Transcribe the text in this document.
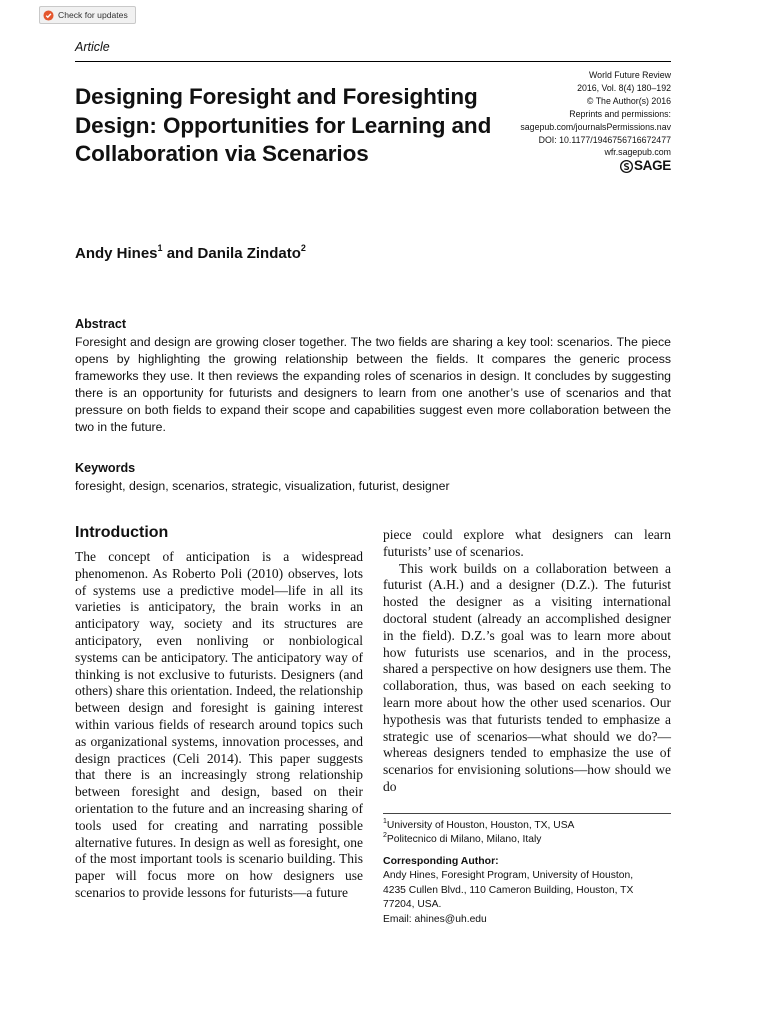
Check for updates
Article
Designing Foresight and Foresighting Design: Opportunities for Learning and Collaboration via Scenarios
World Future Review
2016, Vol. 8(4) 180–192
© The Author(s) 2016
Reprints and permissions:
sagepub.com/journalsPermissions.nav
DOI: 10.1177/1946756716672477
wfr.sagepub.com
SAGE
Andy Hines$^1$ and Danila Zindato$^2$
Abstract

Foresight and design are growing closer together. The two fields are sharing a key tool: scenarios. The piece opens by highlighting the growing relationship between the fields. It compares the generic process frameworks they use. It then reviews the expanding roles of scenarios in design. It concludes by suggesting there is an opportunity for futurists and designers to learn from one another’s use of scenarios and that pressure on both fields to expand their scope and capabilities suggest even more collaboration between the two in the future.

Keywords
foresight, design, scenarios, strategic, visualization, futurist, designer
Introduction

The concept of anticipation is a widespread phenomenon. As Roberto Poli (2010) observes, lots of systems use a predictive model—life in all its varieties is anticipatory, the brain works in an anticipatory way, society and its structures are anticipatory, even nonliving or nonbiological systems can be anticipatory. The anticipatory way of thinking is not exclusive to futurists. Designers (and others) share this orientation. Indeed, the relationship between design and foresight is gaining interest within various fields of research around topics such as organizational systems, innovation processes, and design practices (Celi 2014). This paper suggests that there is an increasingly strong relationship between foresight and design, based on their orientation to the future and an increasing sharing of tools used for creating and narrating possible alternative futures. In design as well as foresight, one of the most important tools is scenario building. This paper will focus more on how designers use scenarios to provide lessons for futurists—a future

piece could explore what designers can learn futurists’ use of scenarios.

This work builds on a collaboration between a futurist (A.H.) and a designer (D.Z.). The futurist hosted the designer as a visiting international doctoral student (already an accomplished designer in the field). D.Z.’s goal was to learn more about how futurists use scenarios, and in the process, shared a perspective on how designers use them. The collaboration, thus, was based on each seeking to learn more about how the other used scenarios. Our hypothesis was that futurists tended to emphasize a strategic use of scenarios—what should we do?—whereas designers tended to emphasize the use of scenarios for envisioning solutions—how should we do

$^1$University of Houston, Houston, TX, USA
$^2$Politecnico di Milano, Milano, Italy
Corresponding Author:
Andy Hines, Foresight Program, University of Houston,
4235 Cullen Blvd., 110 Cameron Building, Houston, TX
77204, USA.
Email: ahines@uh.edu
